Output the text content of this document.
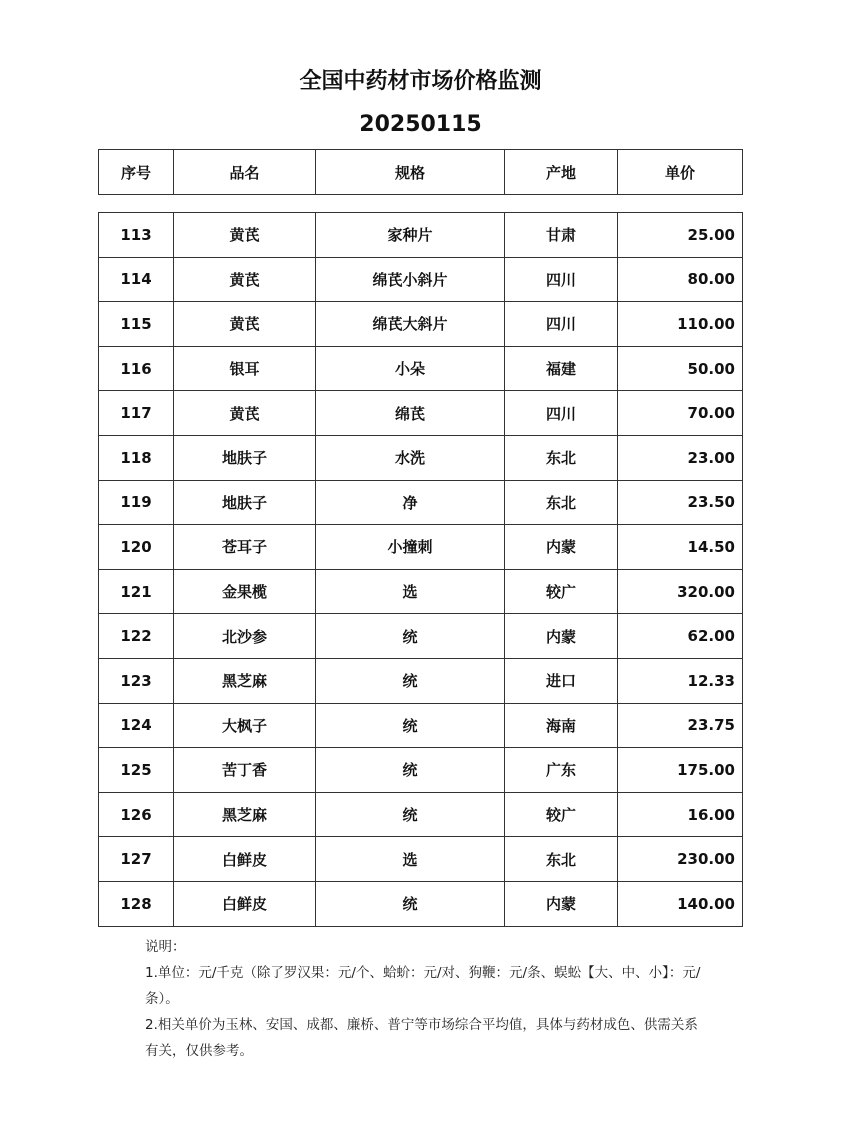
全国中药材市场价格监测
20250115
序号	品名	规格	产地	单价
113	黄芪	家种片	甘肃	25.00
114	黄芪	绵芪小斜片	四川	80.00
115	黄芪	绵芪大斜片	四川	110.00
116	银耳	小朵	福建	50.00
117	黄芪	绵芪	四川	70.00
118	地肤子	水洗	东北	23.00
119	地肤子	净	东北	23.50
120	苍耳子	小撞刺	内蒙	14.50
121	金果榄	选	较广	320.00
122	北沙参	统	内蒙	62.00
123	黑芝麻	统	进口	12.33
124	大枫子	统	海南	23.75
125	苦丁香	统	广东	175.00
126	黑芝麻	统	较广	16.00
127	白鲜皮	选	东北	230.00
128	白鲜皮	统	内蒙	140.00
说明：
1.单位：元/千克（除了罗汉果：元/个、蛤蚧：元/对、狗鞭：元/条、蜈蚣【大、中、小】：元/条）。
2.相关单价为玉林、安国、成都、廉桥、普宁等市场综合平均值，具体与药材成色、供需关系有关，仅供参考。
